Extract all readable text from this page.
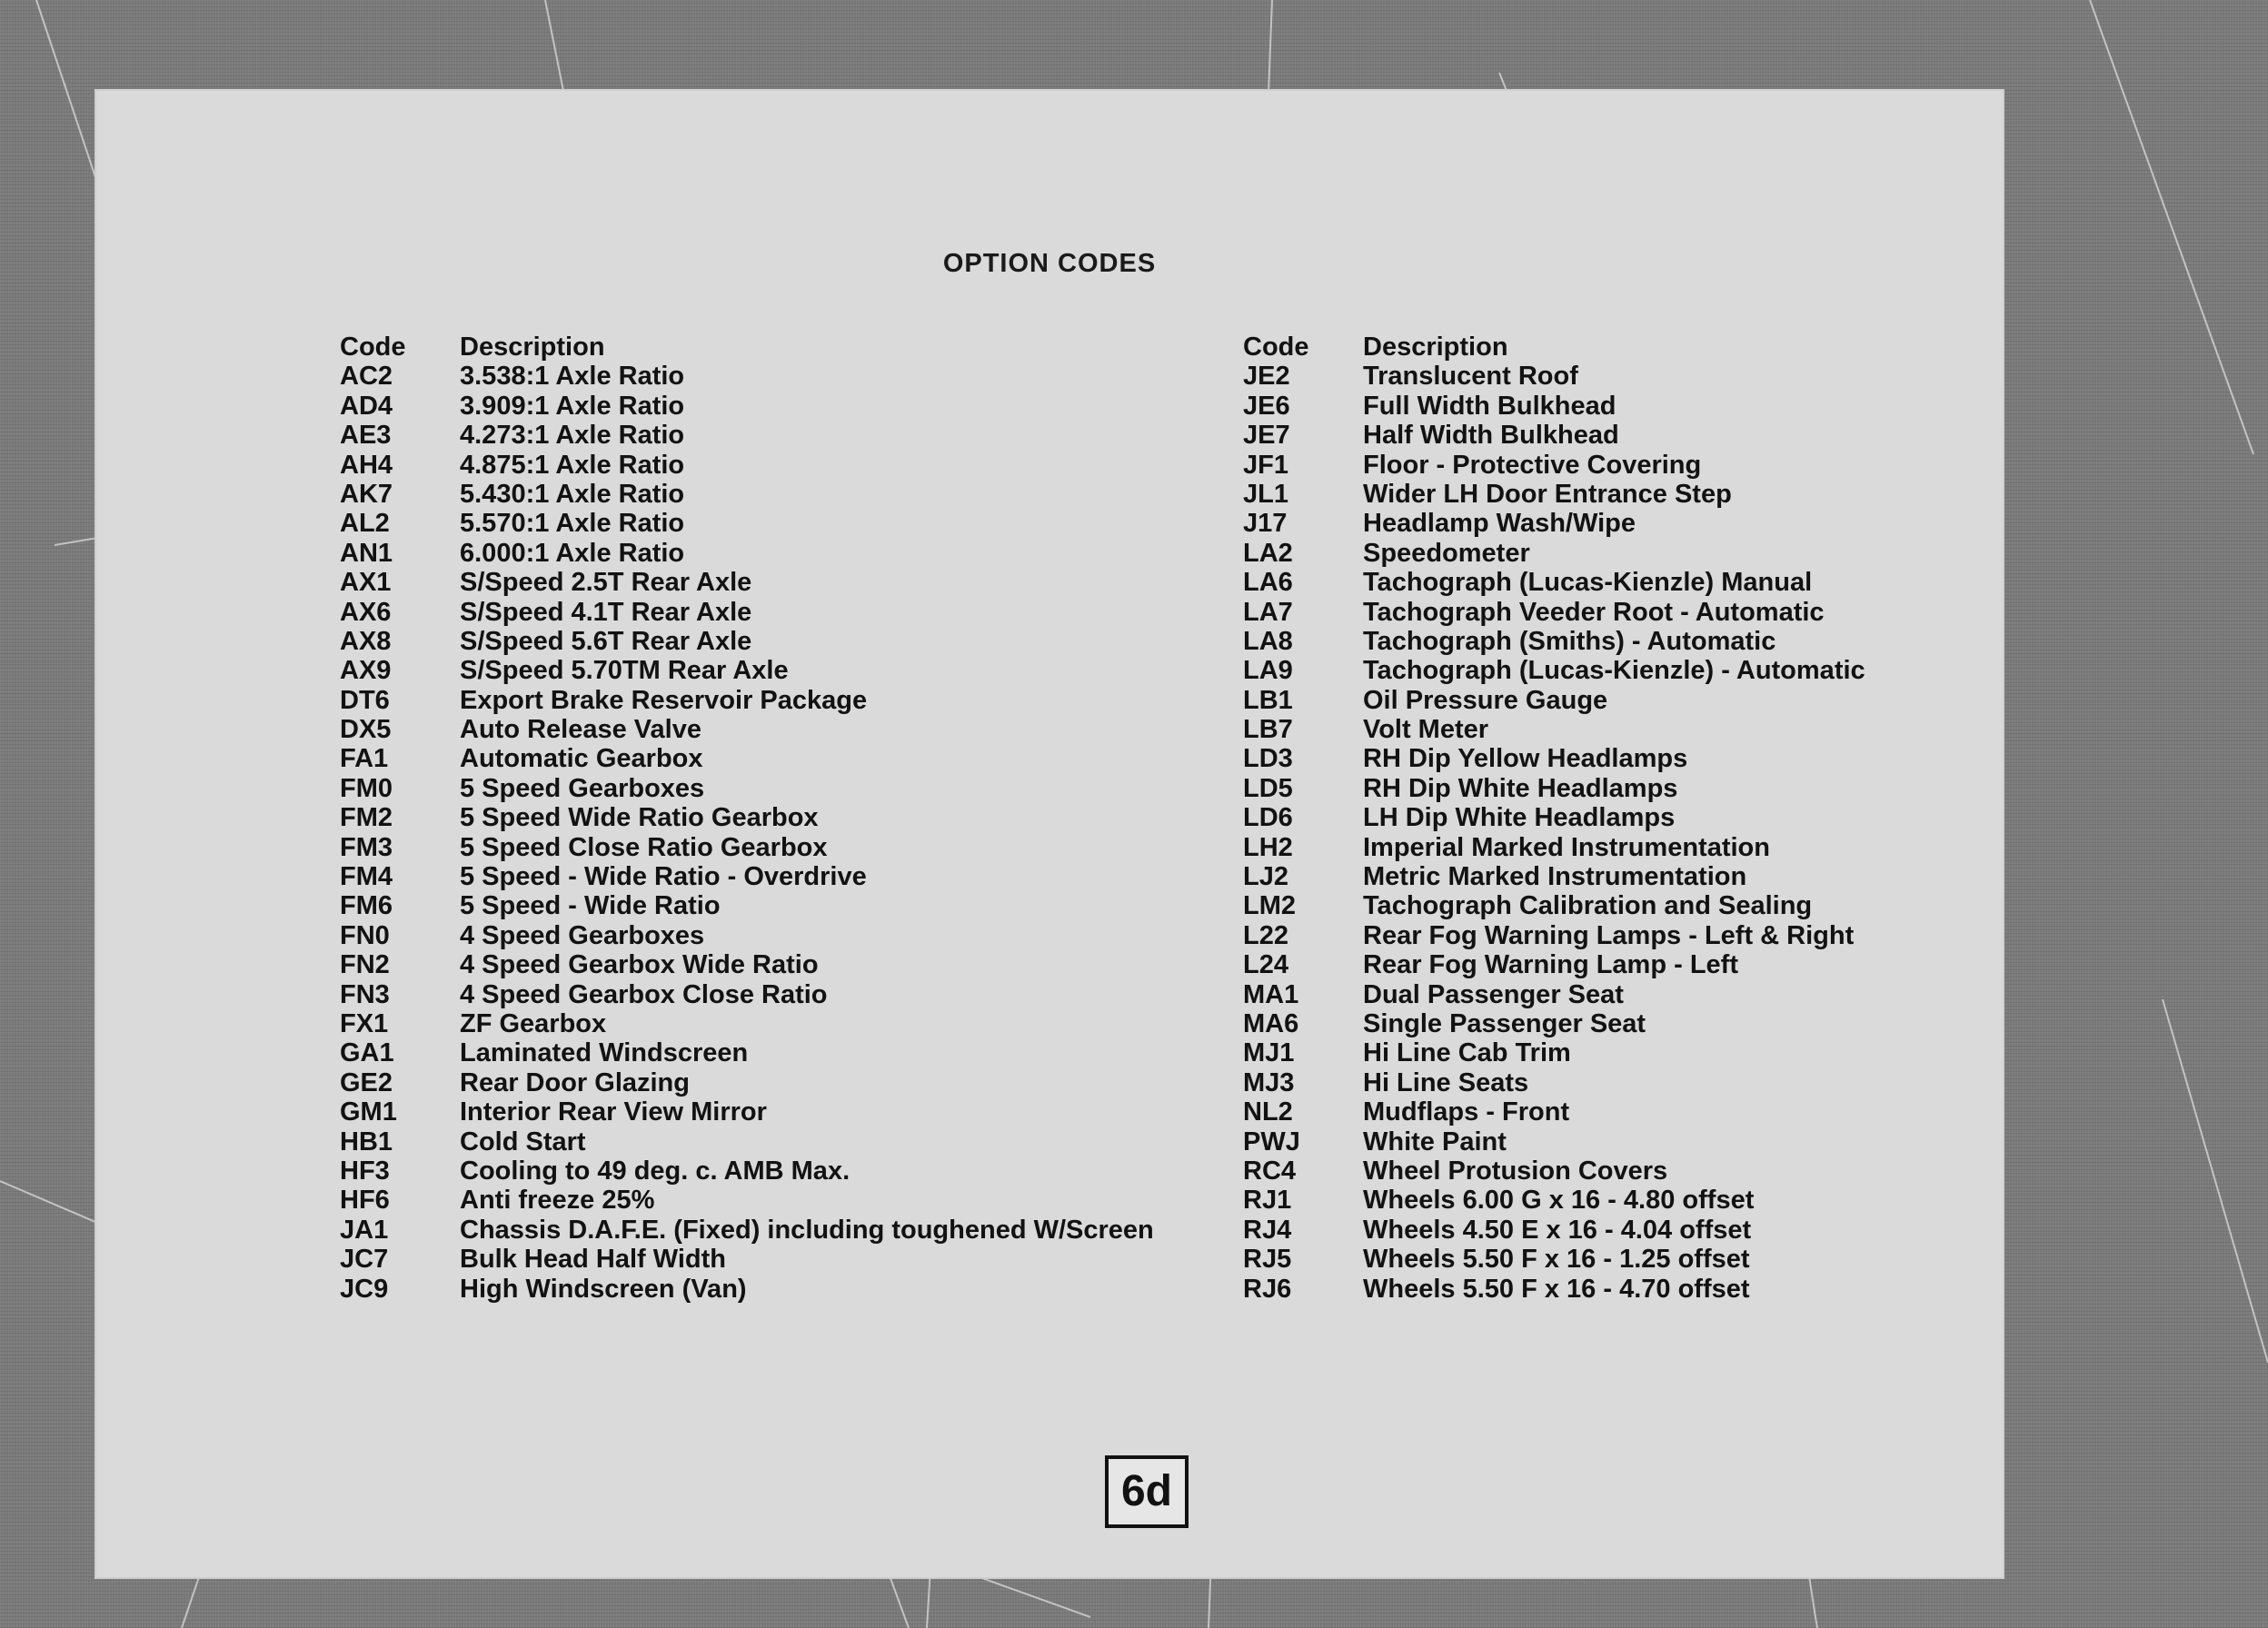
OPTION CODES
Code	Description
AC2	3.538:1 Axle Ratio
AD4	3.909:1 Axle Ratio
AE3	4.273:1 Axle Ratio
AH4	4.875:1 Axle Ratio
AK7	5.430:1 Axle Ratio
AL2	5.570:1 Axle Ratio
AN1	6.000:1 Axle Ratio
AX1	S/Speed 2.5T Rear Axle
AX6	S/Speed 4.1T Rear Axle
AX8	S/Speed 5.6T Rear Axle
AX9	S/Speed 5.70TM Rear Axle
DT6	Export Brake Reservoir Package
DX5	Auto Release Valve
FA1	Automatic Gearbox
FM0	5 Speed Gearboxes
FM2	5 Speed Wide Ratio Gearbox
FM3	5 Speed Close Ratio Gearbox
FM4	5 Speed - Wide Ratio - Overdrive
FM6	5 Speed - Wide Ratio
FN0	4 Speed Gearboxes
FN2	4 Speed Gearbox Wide Ratio
FN3	4 Speed Gearbox Close Ratio
FX1	ZF Gearbox
GA1	Laminated Windscreen
GE2	Rear Door Glazing
GM1	Interior Rear View Mirror
HB1	Cold Start
HF3	Cooling to 49 deg. c. AMB Max.
HF6	Anti freeze 25%
JA1	Chassis D.A.F.E. (Fixed) including toughened W/Screen
JC7	Bulk Head Half Width
JC9	High Windscreen (Van)
Code	Description
JE2	Translucent Roof
JE6	Full Width Bulkhead
JE7	Half Width Bulkhead
JF1	Floor - Protective Covering
JL1	Wider LH Door Entrance Step
J17	Headlamp Wash/Wipe
LA2	Speedometer
LA6	Tachograph (Lucas-Kienzle) Manual
LA7	Tachograph Veeder Root - Automatic
LA8	Tachograph (Smiths) - Automatic
LA9	Tachograph (Lucas-Kienzle) - Automatic
LB1	Oil Pressure Gauge
LB7	Volt Meter
LD3	RH Dip Yellow Headlamps
LD5	RH Dip White Headlamps
LD6	LH Dip White Headlamps
LH2	Imperial Marked Instrumentation
LJ2	Metric Marked Instrumentation
LM2	Tachograph Calibration and Sealing
L22	Rear Fog Warning Lamps - Left & Right
L24	Rear Fog Warning Lamp - Left
MA1	Dual Passenger Seat
MA6	Single Passenger Seat
MJ1	Hi Line Cab Trim
MJ3	Hi Line Seats
NL2	Mudflaps - Front
PWJ	White Paint
RC4	Wheel Protusion Covers
RJ1	Wheels 6.00 G x 16 - 4.80 offset
RJ4	Wheels 4.50 E x 16 - 4.04 offset
RJ5	Wheels 5.50 F x 16 - 1.25 offset
RJ6	Wheels 5.50 F x 16 - 4.70 offset
6d
